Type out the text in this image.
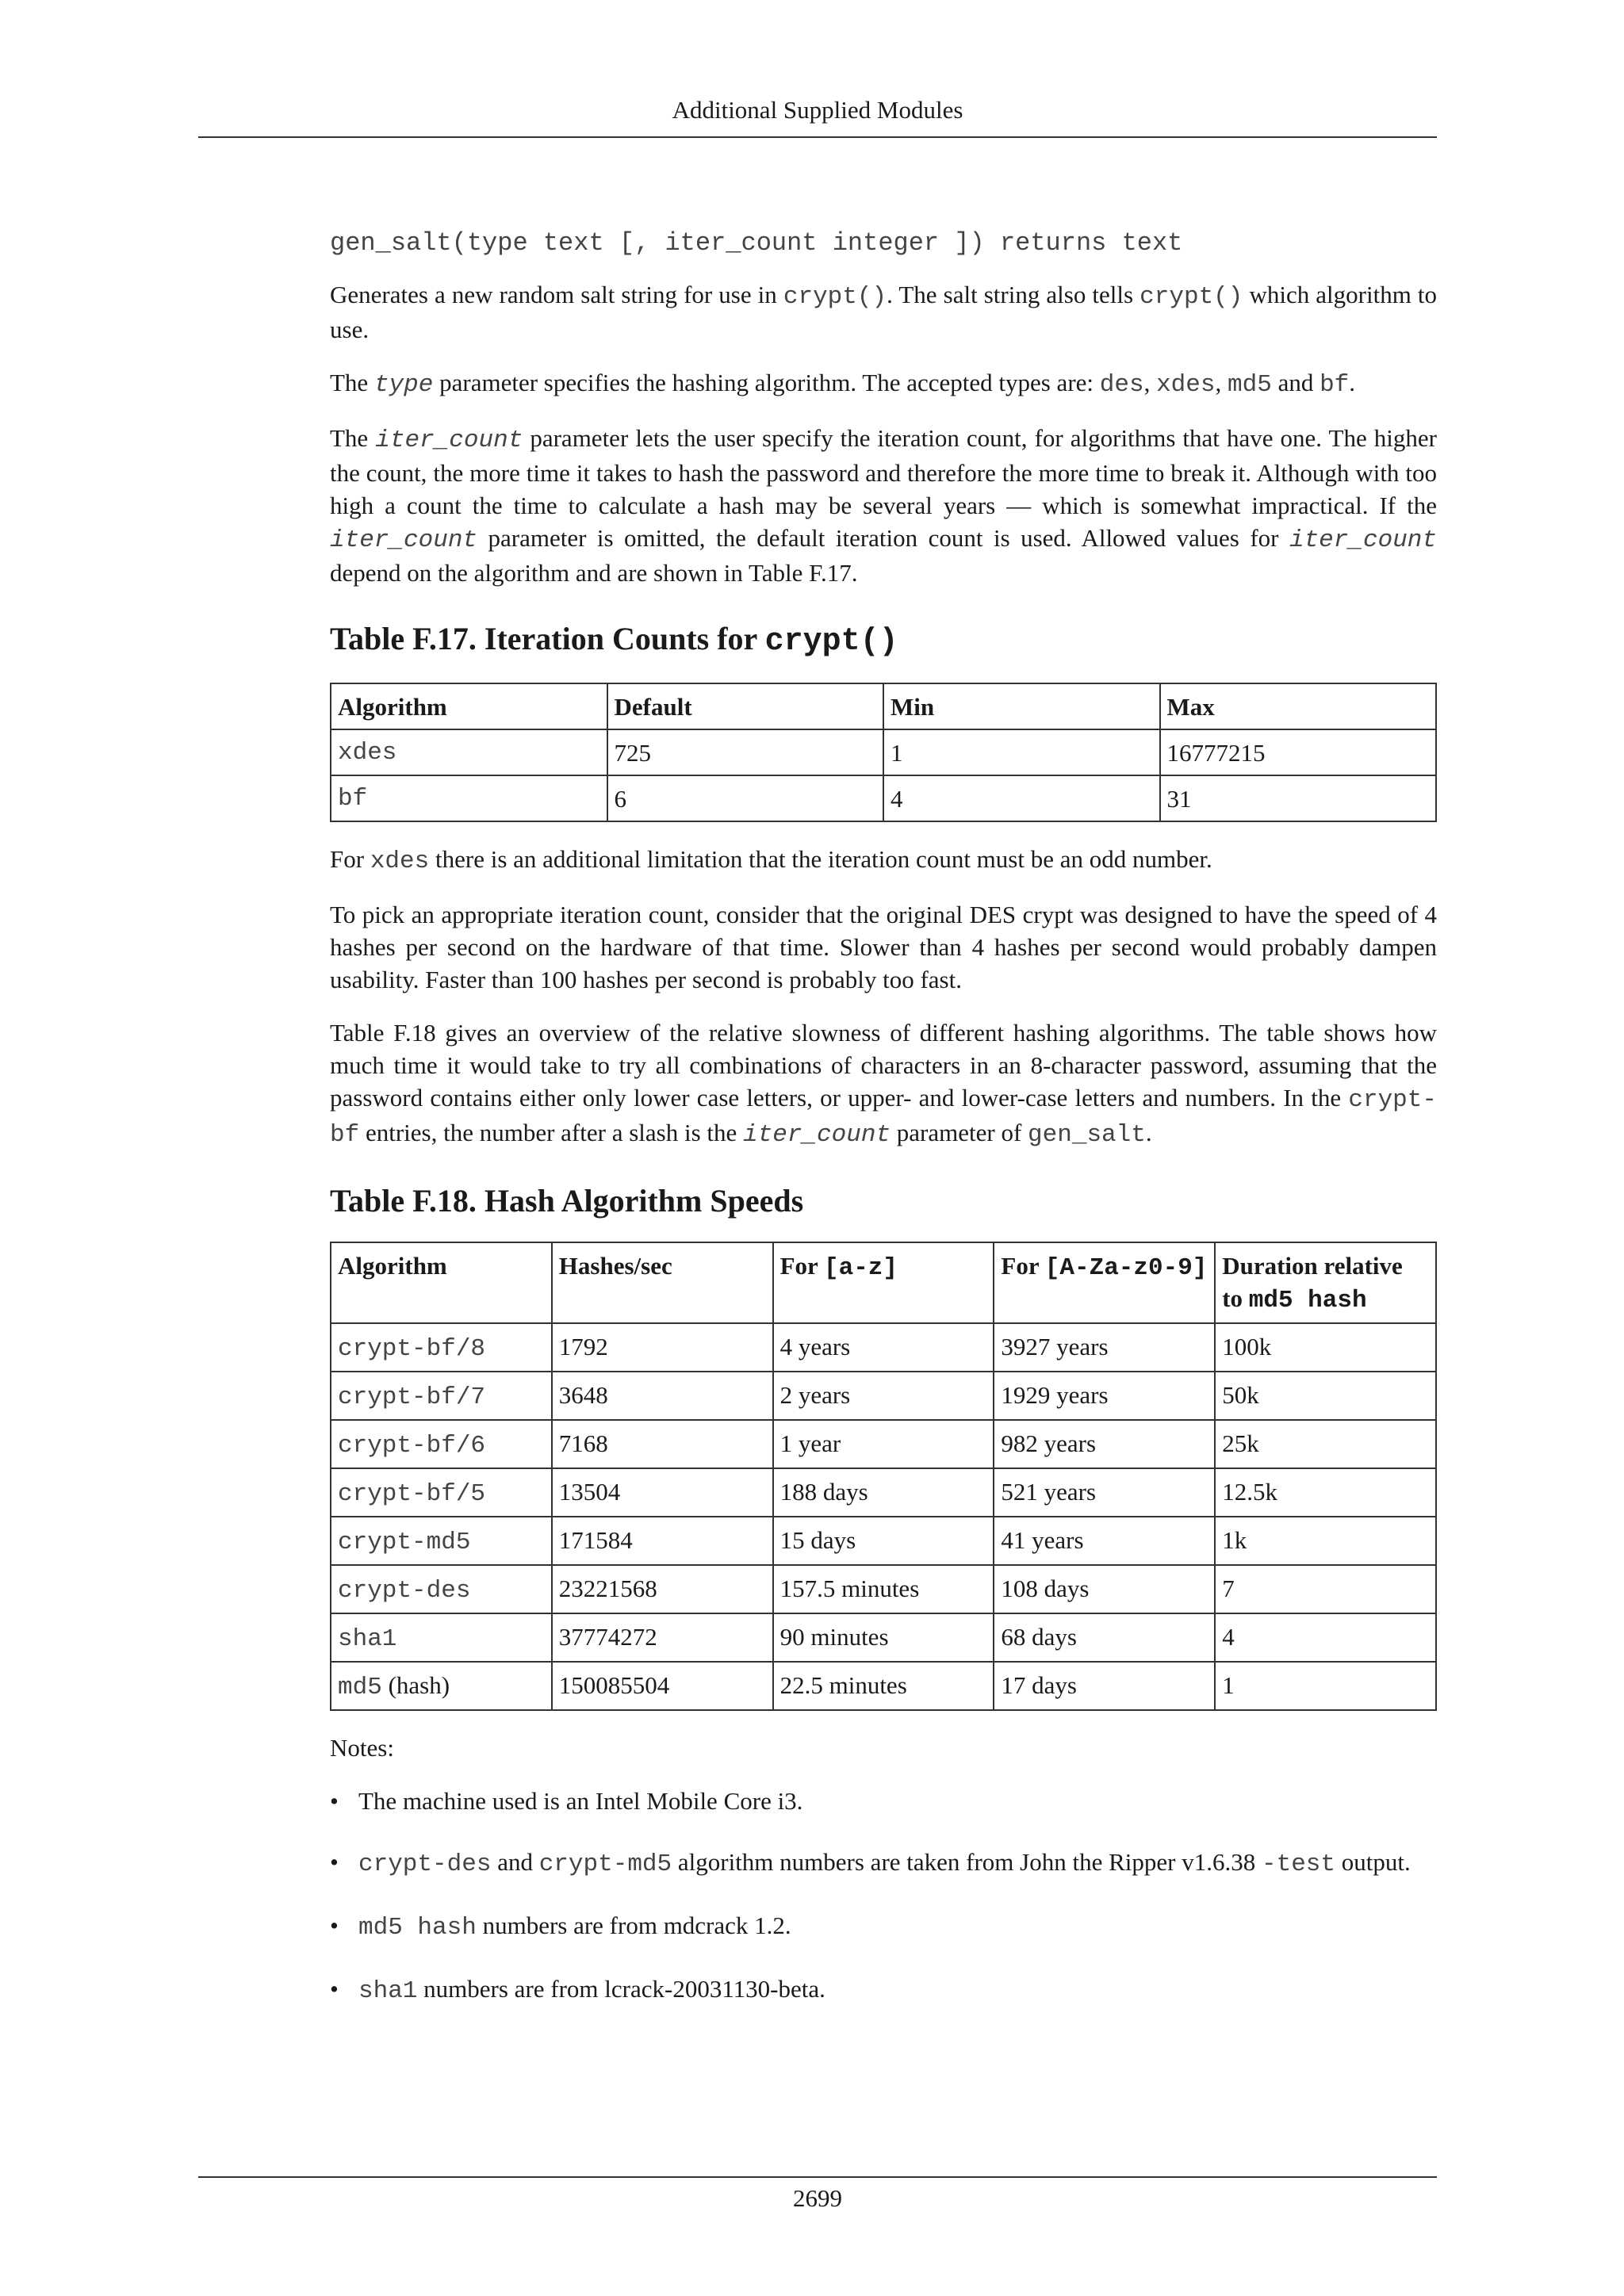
Additional Supplied Modules
gen_salt(type text [, iter_count integer ]) returns text

Generates a new random salt string for use in crypt(). The salt string also tells crypt() which algorithm to use.

The type parameter specifies the hashing algorithm. The accepted types are: des, xdes, md5 and bf.

The iter_count parameter lets the user specify the iteration count, for algorithms that have one. The higher the count, the more time it takes to hash the password and therefore the more time to break it. Although with too high a count the time to calculate a hash may be several years — which is somewhat impractical. If the iter_count parameter is omitted, the default iteration count is used. Allowed values for iter_count depend on the algorithm and are shown in Table F.17.

Table F.17. Iteration Counts for crypt()
Algorithm	Default	Min	Max
xdes	725	1	16777215
bf	6	4	31

For xdes there is an additional limitation that the iteration count must be an odd number.

To pick an appropriate iteration count, consider that the original DES crypt was designed to have the speed of 4 hashes per second on the hardware of that time. Slower than 4 hashes per second would probably dampen usability. Faster than 100 hashes per second is probably too fast.

Table F.18 gives an overview of the relative slowness of different hashing algorithms. The table shows how much time it would take to try all combinations of characters in an 8-character password, assuming that the password contains either only lower case letters, or upper- and lower-case letters and numbers. In the crypt-bf entries, the number after a slash is the iter_count parameter of gen_salt.

Table F.18. Hash Algorithm Speeds
Algorithm	Hashes/sec	For [a-z]	For [A-Za-z0-9]	Duration relative to md5 hash
crypt-bf/8	1792	4 years	3927 years	100k
crypt-bf/7	3648	2 years	1929 years	50k
crypt-bf/6	7168	1 year	982 years	25k
crypt-bf/5	13504	188 days	521 years	12.5k
crypt-md5	171584	15 days	41 years	1k
crypt-des	23221568	157.5 minutes	108 days	7
sha1	37774272	90 minutes	68 days	4
md5 (hash)	150085504	22.5 minutes	17 days	1
Notes:
• The machine used is an Intel Mobile Core i3.
• crypt-des and crypt-md5 algorithm numbers are taken from John the Ripper v1.6.38 -test output.
• md5 hash numbers are from mdcrack 1.2.
• sha1 numbers are from lcrack-20031130-beta.
2699
